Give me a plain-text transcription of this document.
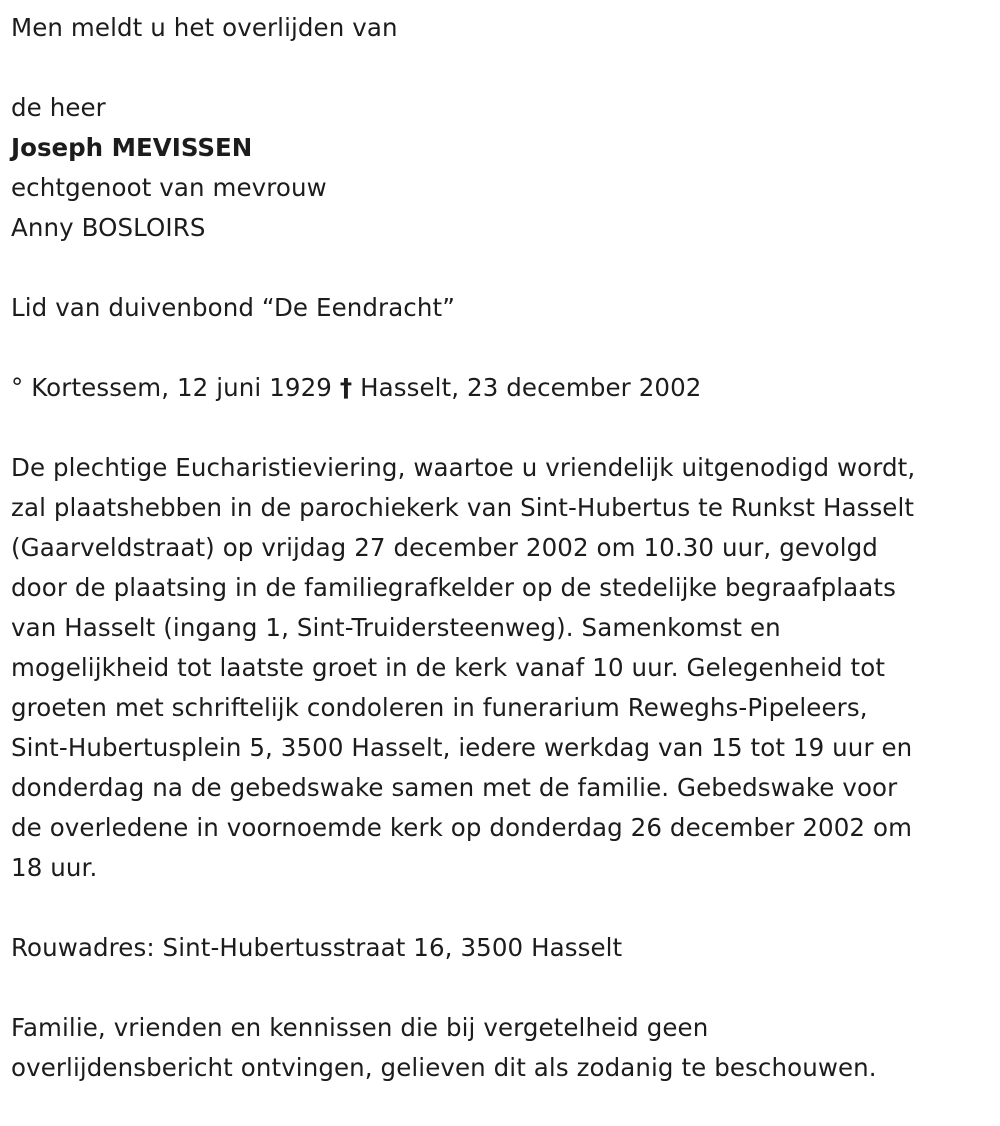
Men meldt u het overlijden van
de heer
Joseph MEVISSEN
echtgenoot van mevrouw
Anny BOSLOIRS
Lid van duivenbond “De Eendracht”
° Kortessem, 12 juni 1929 † Hasselt, 23 december 2002
De plechtige Eucharistieviering, waartoe u vriendelijk uitgenodigd wordt,
zal plaatshebben in de parochiekerk van Sint-Hubertus te Runkst Hasselt
(Gaarveldstraat) op vrijdag 27 december 2002 om 10.30 uur, gevolgd
door de plaatsing in de familiegrafkelder op de stedelijke begraafplaats
van Hasselt (ingang 1, Sint-Truidersteenweg). Samenkomst en
mogelijkheid tot laatste groet in de kerk vanaf 10 uur. Gelegenheid tot
groeten met schriftelijk condoleren in funerarium Reweghs-Pipeleers,
Sint-Hubertusplein 5, 3500 Hasselt, iedere werkdag van 15 tot 19 uur en
donderdag na de gebedswake samen met de familie. Gebedswake voor
de overledene in voornoemde kerk op donderdag 26 december 2002 om
18 uur.
Rouwadres: Sint-Hubertusstraat 16, 3500 Hasselt
Familie, vrienden en kennissen die bij vergetelheid geen
overlijdensbericht ontvingen, gelieven dit als zodanig te beschouwen.
